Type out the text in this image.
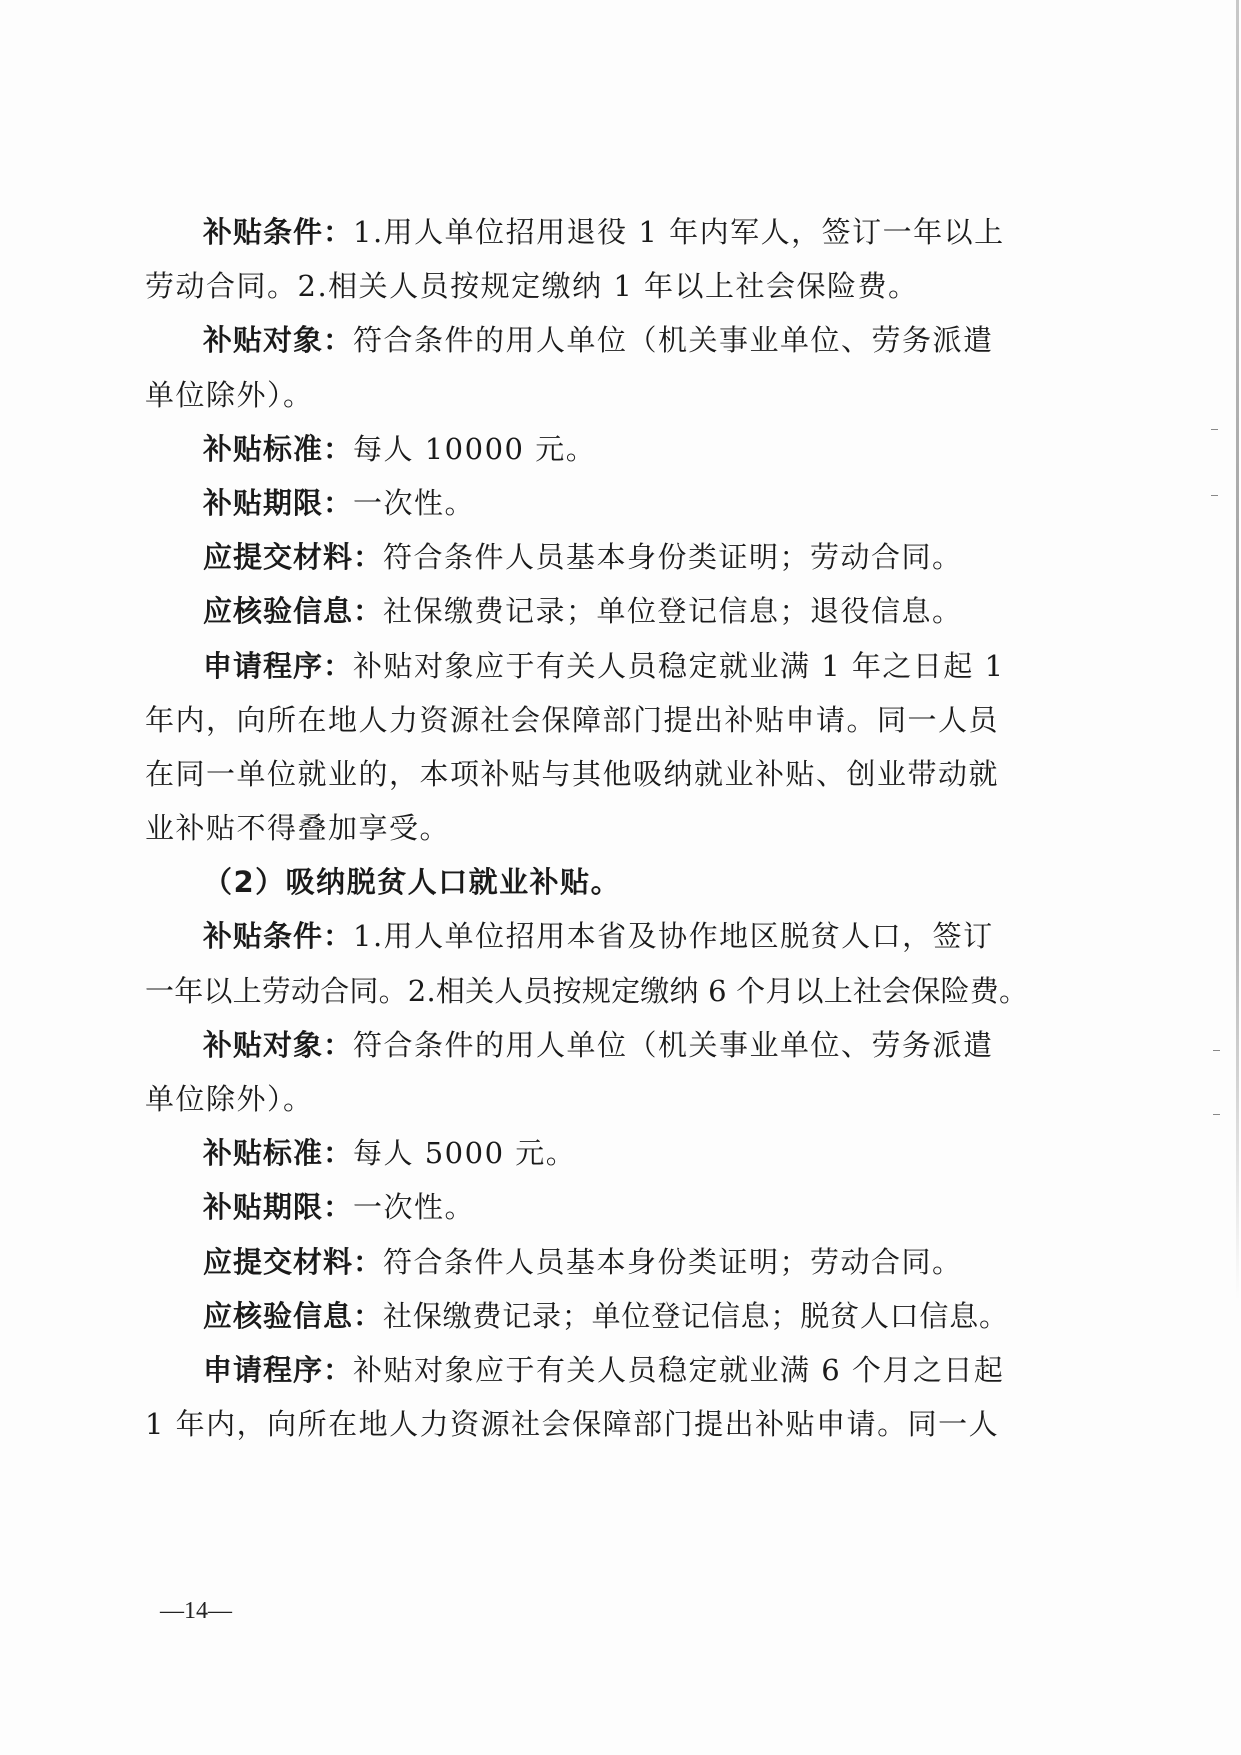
补贴条件：1.用人单位招用退役 1 年内军人，签订一年以上
劳动合同。2.相关人员按规定缴纳 1 年以上社会保险费。
补贴对象：符合条件的用人单位（机关事业单位、劳务派遣
单位除外）。
补贴标准：每人 10000 元。
补贴期限：一次性。
应提交材料：符合条件人员基本身份类证明；劳动合同。
应核验信息：社保缴费记录；单位登记信息；退役信息。
申请程序：补贴对象应于有关人员稳定就业满 1 年之日起 1
年内，向所在地人力资源社会保障部门提出补贴申请。同一人员
在同一单位就业的，本项补贴与其他吸纳就业补贴、创业带动就
业补贴不得叠加享受。
（2）吸纳脱贫人口就业补贴。
补贴条件：1.用人单位招用本省及协作地区脱贫人口，签订
一年以上劳动合同。2.相关人员按规定缴纳 6 个月以上社会保险费。
补贴对象：符合条件的用人单位（机关事业单位、劳务派遣
单位除外）。
补贴标准：每人 5000 元。
补贴期限：一次性。
应提交材料：符合条件人员基本身份类证明；劳动合同。
应核验信息：社保缴费记录；单位登记信息；脱贫人口信息。
申请程序：补贴对象应于有关人员稳定就业满 6 个月之日起
1 年内，向所在地人力资源社会保障部门提出补贴申请。同一人
—14—
